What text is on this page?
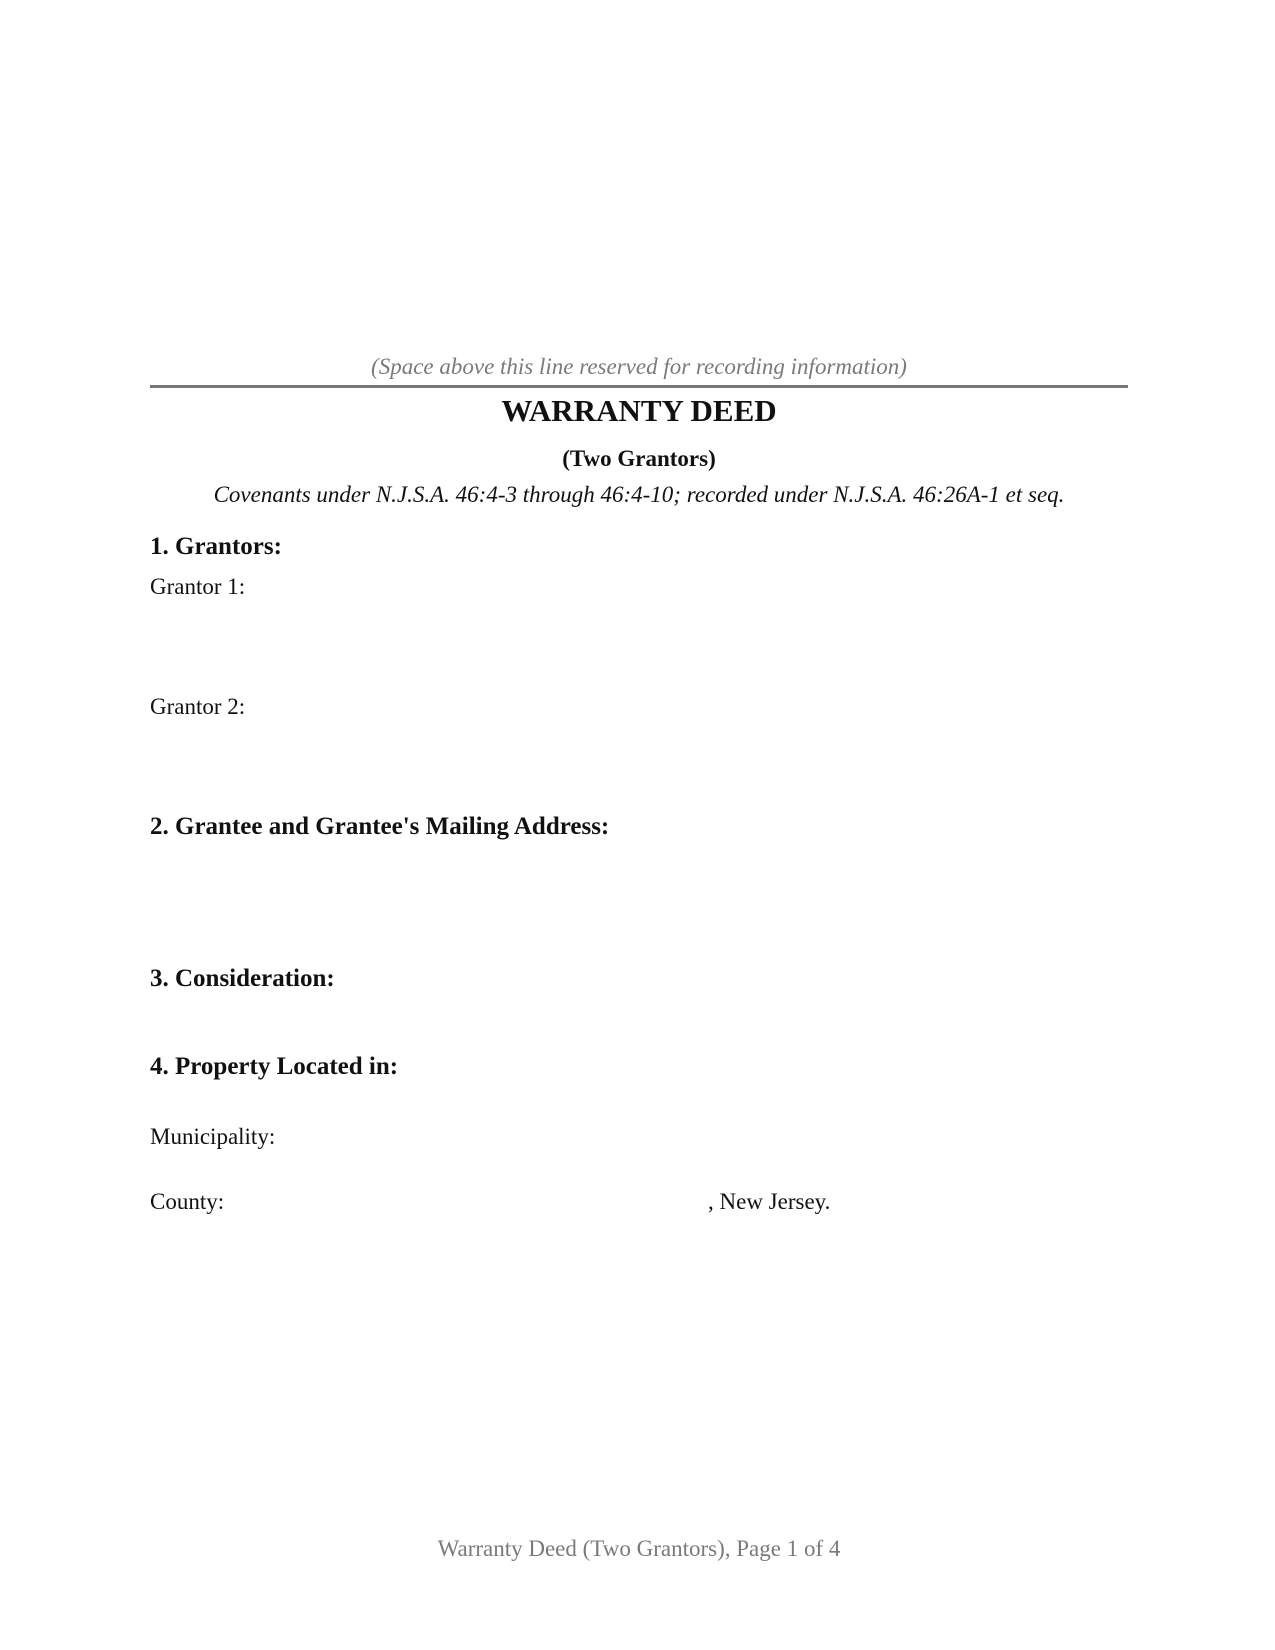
(Space above this line reserved for recording information)
WARRANTY DEED
(Two Grantors)
Covenants under N.J.S.A. 46:4-3 through 46:4-10; recorded under N.J.S.A. 46:26A-1 et seq.
1. Grantors:
Grantor 1:
Grantor 2:
2. Grantee and Grantee's Mailing Address:
3. Consideration:
4. Property Located in:
Municipality:
County:	, New Jersey.
Warranty Deed (Two Grantors), Page 1 of 4
